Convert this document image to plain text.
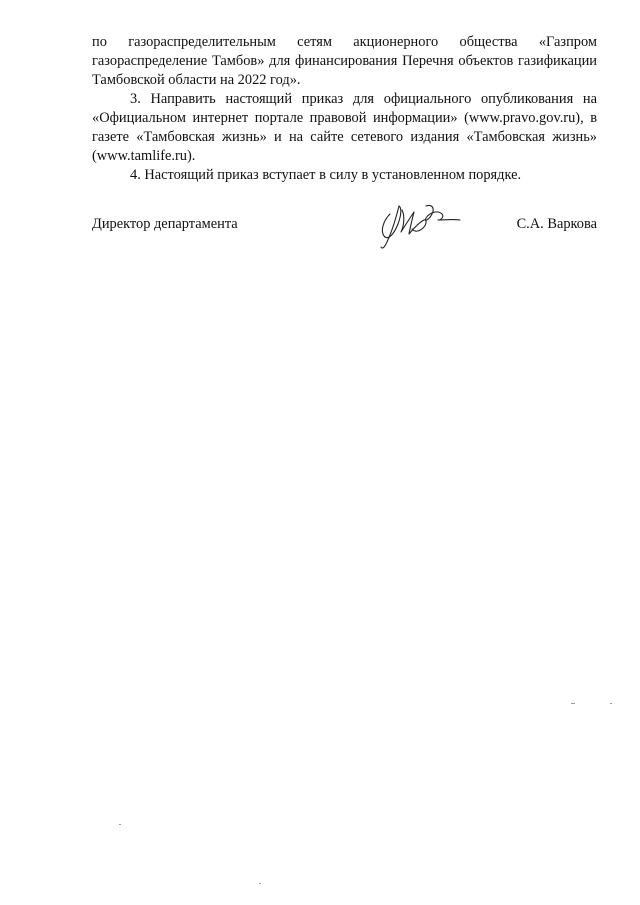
по газораспределительным сетям акционерного общества «Газпром газораспределение Тамбов» для финансирования Перечня объектов газификации Тамбовской области на 2022 год».

3. Направить настоящий приказ для официального опубликования на «Официальном интернет портале правовой информации» (www.pravo.gov.ru), в газете «Тамбовская жизнь» и на сайте сетевого издания «Тамбовская жизнь» (www.tamlife.ru).

4. Настоящий приказ вступает в силу в установленном порядке.

Директор департамента	С.А. Варкова
